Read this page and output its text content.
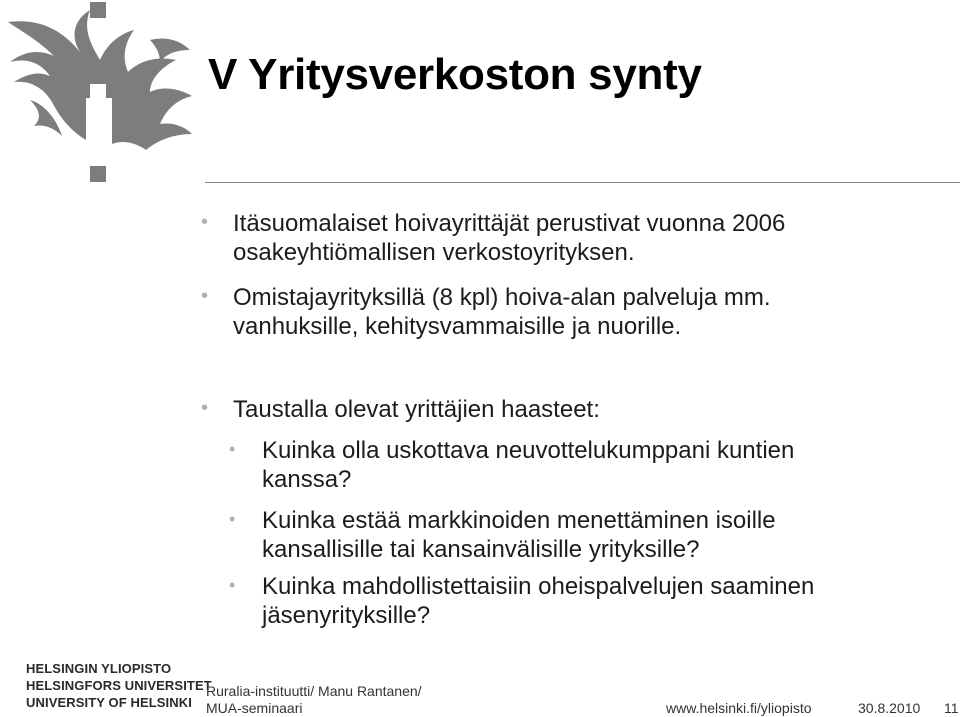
V Yritysverkoston synty

• Itäsuomalaiset hoivayrittäjät perustivat vuonna 2006 osakeyhtiömallisen verkostoyrityksen.

• Omistajayrityksillä (8 kpl) hoiva-alan palveluja mm. vanhuksille, kehitysvammaisille ja nuorille.

• Taustalla olevat yrittäjien haasteet:

• Kuinka olla uskottava neuvottelukumppani kuntien kanssa?

• Kuinka estää markkinoiden menettäminen isoille kansallisille tai kansainvälisille yrityksille?

• Kuinka mahdollistettaisiin oheispalvelujen saaminen jäsenyrityksille?

HELSINGIN YLIOPISTO
HELSINGFORS UNIVERSITET
UNIVERSITY OF HELSINKI
Ruralia-instituutti/ Manu Rantanen/ MUA-seminaari	www.helsinki.fi/yliopisto	30.8.2010 11
